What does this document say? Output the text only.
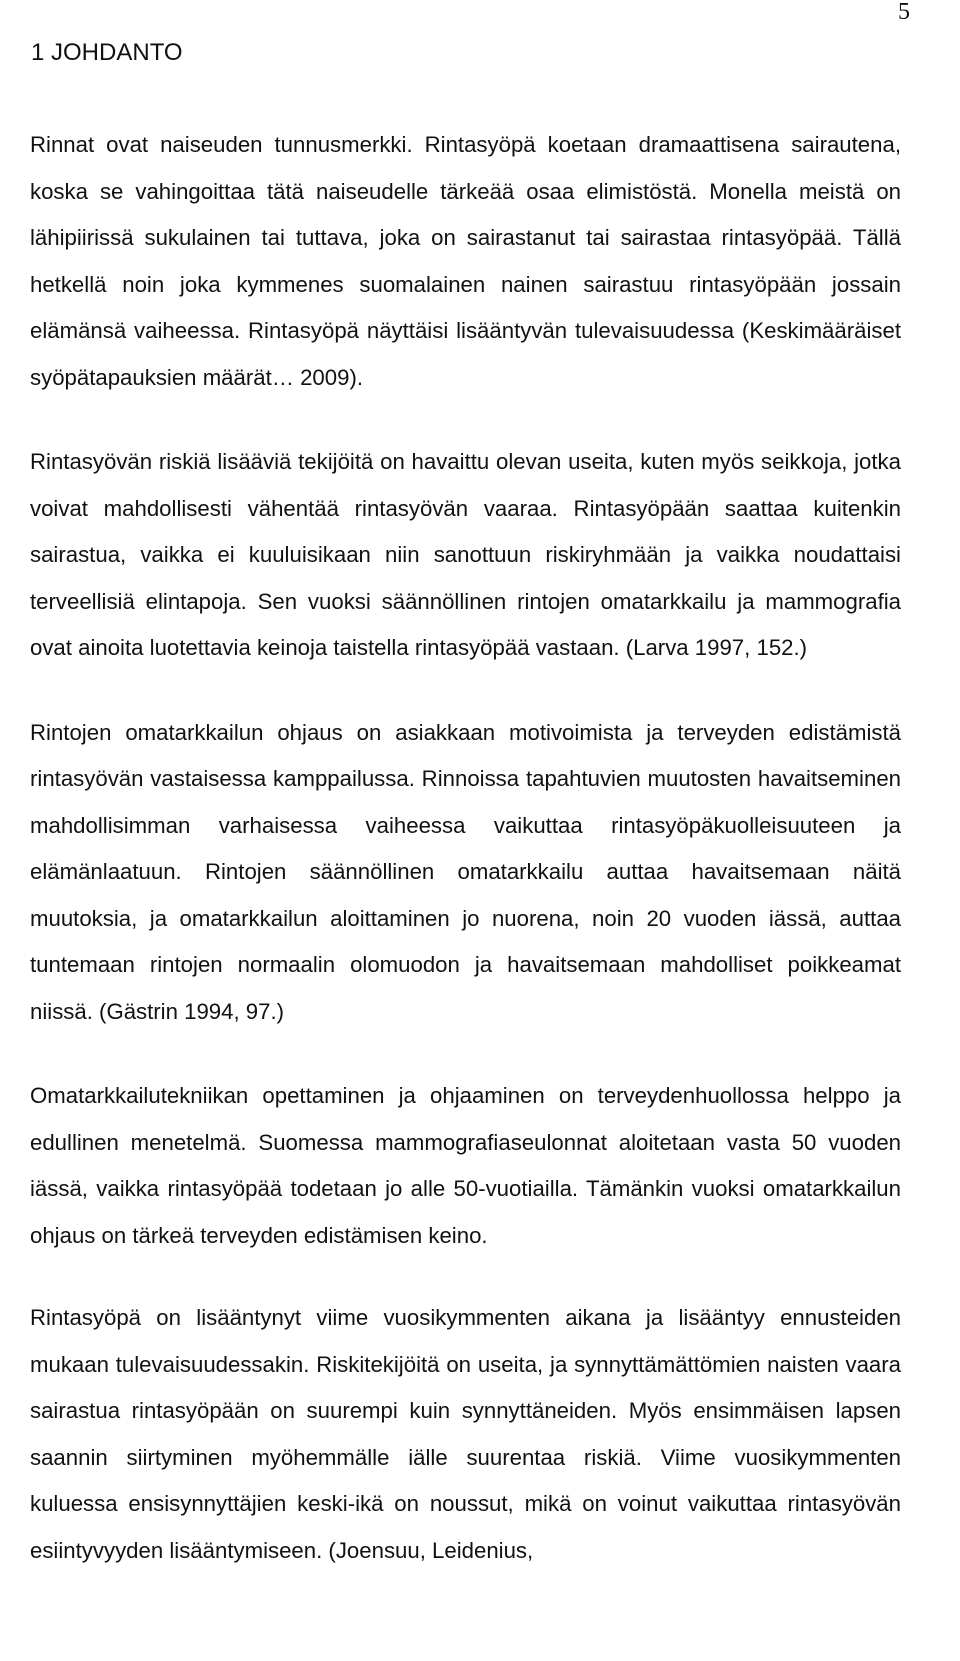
5
1 JOHDANTO

Rinnat ovat naiseuden tunnusmerkki. Rintasyöpä koetaan dramaattisena sairautena, koska se vahingoittaa tätä naiseudelle tärkeää osaa elimistöstä. Monella meistä on lähipiirissä sukulainen tai tuttava, joka on sairastanut tai sairastaa rintasyöpää. Tällä hetkellä noin joka kymmenes suomalainen nainen sairastuu rintasyöpään jossain elämänsä vaiheessa. Rintasyöpä näyttäisi lisääntyvän tulevaisuudessa (Keskimääräiset syöpätapauksien määrät… 2009).

Rintasyövän riskiä lisääviä tekijöitä on havaittu olevan useita, kuten myös seikkoja, jotka voivat mahdollisesti vähentää rintasyövän vaaraa. Rintasyöpään saattaa kuitenkin sairastua, vaikka ei kuuluisikaan niin sanottuun riskiryhmään ja vaikka noudattaisi terveellisiä elintapoja. Sen vuoksi säännöllinen rintojen omatarkkailu ja mammografia ovat ainoita luotettavia keinoja taistella rintasyöpää vastaan. (Larva 1997, 152.)

Rintojen omatarkkailun ohjaus on asiakkaan motivoimista ja terveyden edistämistä rintasyövän vastaisessa kamppailussa. Rinnoissa tapahtuvien muutosten havaitseminen mahdollisimman varhaisessa vaiheessa vaikuttaa rintasyöpäkuolleisuuteen ja elämänlaatuun. Rintojen säännöllinen omatarkkailu auttaa havaitsemaan näitä muutoksia, ja omatarkkailun aloittaminen jo nuorena, noin 20 vuoden iässä, auttaa tuntemaan rintojen normaalin olomuodon ja havaitsemaan mahdolliset poikkeamat niissä. (Gästrin 1994, 97.)

Omatarkkailutekniikan opettaminen ja ohjaaminen on terveydenhuollossa helppo ja edullinen menetelmä. Suomessa mammografiaseulonnat aloitetaan vasta 50 vuoden iässä, vaikka rintasyöpää todetaan jo alle 50-vuotiailla. Tämänkin vuoksi omatarkkailun ohjaus on tärkeä terveyden edistämisen keino.

Rintasyöpä on lisääntynyt viime vuosikymmenten aikana ja lisääntyy ennusteiden mukaan tulevaisuudessakin. Riskitekijöitä on useita, ja synnyttämättömien naisten vaara sairastua rintasyöpään on suurempi kuin synnyttäneiden. Myös ensimmäisen lapsen saannin siirtyminen myöhemmälle iälle suurentaa riskiä. Viime vuosikymmenten kuluessa ensisynnyttäjien keski-ikä on noussut, mikä on voinut vaikuttaa rintasyövän esiintyvyyden lisääntymiseen. (Joensuu, Leidenius,
